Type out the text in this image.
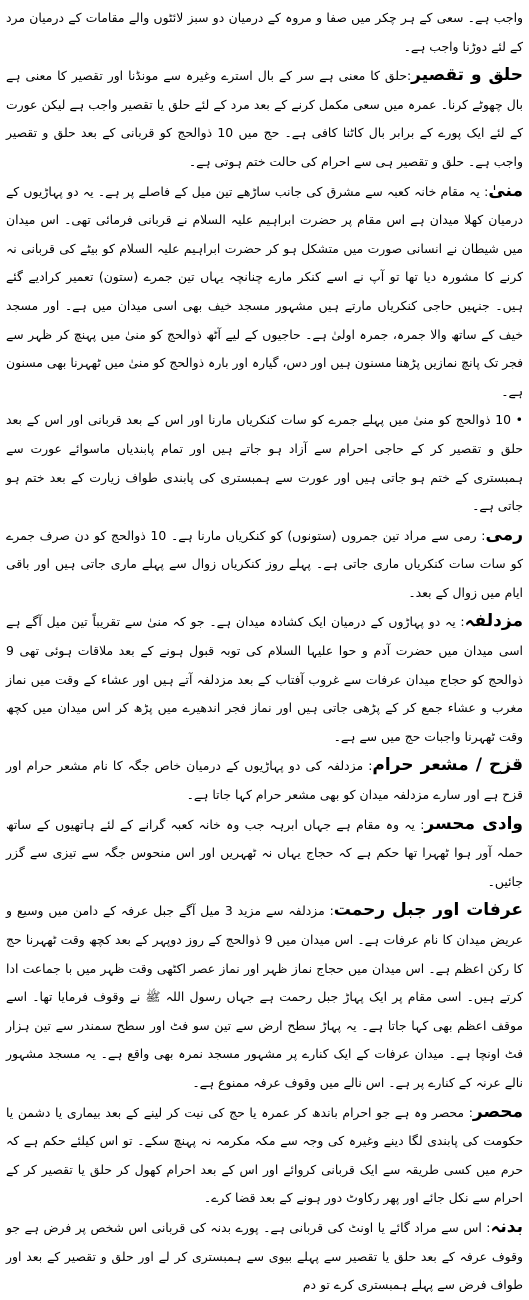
واجب ہے۔ سعی کے ہر چکر میں صفا و مروہ کے درمیان دو سبز لائٹوں والے مقامات کے درمیان مرد کے لئے دوڑنا واجب ہے۔

حلق و تقصیر:حلق کا معنی ہے سر کے بال استرے وغیرہ سے مونڈنا اور تقصیر کا معنی ہے بال چھوٹے کرنا۔ عمرہ میں سعی مکمل کرنے کے بعد مرد کے لئے حلق یا تقصیر واجب ہے لیکن عورت کے لئے ایک پورے کے برابر بال کاٹنا کافی ہے۔ حج میں 10 ذوالحج کو قربانی کے بعد حلق و تقصیر واجب ہے۔ حلق و تقصیر ہی سے احرام کی حالت ختم ہوتی ہے۔

منیٰ: یہ مقام خانہ کعبہ سے مشرق کی جانب ساڑھے تین میل کے فاصلے پر ہے۔ یہ دو پہاڑیوں کے درمیان کھلا میدان ہے اس مقام پر حضرت ابراہیم علیہ السلام نے قربانی فرمائی تھی۔ اس میدان میں شیطان نے انسانی صورت میں متشکل ہو کر حضرت ابراہیم علیہ السلام کو بیٹے کی قربانی نہ کرنے کا مشورہ دیا تھا تو آپ نے اسے کنکر مارے چنانچہ یہاں تین جمرے (ستون) تعمیر کرادیے گئے ہیں۔ جنہیں حاجی کنکریاں مارتے ہیں مشہور مسجد خیف بھی اسی میدان میں ہے۔ اور مسجد خیف کے ساتھ والا جمرہ، جمرہ اولیٰ ہے۔ حاجیوں کے لیے آٹھ ذوالحج کو منیٰ میں پہنچ کر ظہر سے فجر تک پانچ نمازیں پڑھنا مسنون ہیں اور دس، گیارہ اور بارہ ذوالحج کو منیٰ میں ٹھہرنا بھی مسنون ہے۔

• 10 ذوالحج کو منیٰ میں پہلے جمرے کو سات کنکریاں مارنا اور اس کے بعد قربانی اور اس کے بعد حلق و تقصیر کر کے حاجی احرام سے آزاد ہو جاتے ہیں اور تمام پابندیاں ماسوائے عورت سے ہمبستری کے ختم ہو جاتی ہیں اور عورت سے ہمبستری کی پابندی طواف زیارت کے بعد ختم ہو جاتی ہے۔

رمی: رمی سے مراد تین جمروں (ستونوں) کو کنکریاں مارنا ہے۔ 10 ذوالحج کو دن صرف جمرے کو سات سات کنکریاں ماری جاتی ہے۔ پہلے روز کنکریاں زوال سے پہلے ماری جاتی ہیں اور باقی ایام میں زوال کے بعد۔

مزدلفہ: یہ دو پہاڑوں کے درمیان ایک کشادہ میدان ہے۔ جو کہ منیٰ سے تقریباً تین میل آگے ہے اسی میدان میں حضرت آدم و حوا علیہا السلام کی توبہ قبول ہونے کے بعد ملاقات ہوئی تھی 9 ذوالحج کو حجاج میدان عرفات سے غروب آفتاب کے بعد مزدلفہ آتے ہیں اور عشاء کے وقت میں نماز مغرب و عشاء جمع کر کے پڑھی جاتی ہیں اور نماز فجر اندھیرے میں پڑھ کر اس میدان میں کچھ وقت ٹھہرنا واجبات حج میں سے ہے۔

قزح / مشعر حرام: مزدلفہ کی دو پہاڑیوں کے درمیان خاص جگہ کا نام مشعر حرام اور قزح ہے اور سارے مزدلفہ میدان کو بھی مشعر حرام کہا جاتا ہے۔

وادی محسر: یہ وہ مقام ہے جہاں ابرہہ جب وہ خانہ کعبہ گرانے کے لئے ہاتھیوں کے ساتھ حملہ آور ہوا ٹھہرا تھا حکم ہے کہ حجاج یہاں نہ ٹھہریں اور اس منحوس جگہ سے تیزی سے گزر جائیں۔

عرفات اور جبل رحمت: مزدلفہ سے مزید 3 میل آگے جبل عرفہ کے دامن میں وسیع و عریض میدان کا نام عرفات ہے۔ اس میدان میں 9 ذوالحج کے روز دوپہر کے بعد کچھ وقت ٹھہرنا حج کا رکن اعظم ہے۔ اس میدان میں حجاج نماز ظہر اور نماز عصر اکٹھی وقت ظہر میں با جماعت ادا کرتے ہیں۔ اسی مقام پر ایک پہاڑ جبل رحمت ہے جہاں رسول اللہ ﷺ نے وقوف فرمایا تھا۔ اسے موقف اعظم بھی کہا جاتا ہے۔ یہ پہاڑ سطح ارض سے تین سو فٹ اور سطح سمندر سے تین ہزار فٹ اونچا ہے۔ میدان عرفات کے ایک کنارے پر مشہور مسجد نمرہ بھی واقع ہے۔ یہ مسجد مشہور نالے عرنہ کے کنارے پر ہے۔ اس نالے میں وقوف عرفہ ممنوع ہے۔

محصر: محصر وہ ہے جو احرام باندھ کر عمرہ یا حج کی نیت کر لینے کے بعد بیماری یا دشمن یا حکومت کی پابندی لگا دینے وغیرہ کی وجہ سے مکہ مکرمہ نہ پہنچ سکے۔ تو اس کیلئے حکم ہے کہ حرم میں کسی طریقہ سے ایک قربانی کروائے اور اس کے بعد احرام کھول کر حلق یا تقصیر کر کے احرام سے نکل جائے اور پھر رکاوٹ دور ہونے کے بعد قضا کرے۔

بدنہ: اس سے مراد گائے یا اونٹ کی قربانی ہے۔ پورے بدنہ کی قربانی اس شخص پر فرض ہے جو وقوف عرفہ کے بعد حلق یا تقصیر سے پہلے بیوی سے ہمبستری کر لے اور حلق و تقصیر کے بعد اور طواف فرض سے پہلے ہمبستری کرے تو دم
